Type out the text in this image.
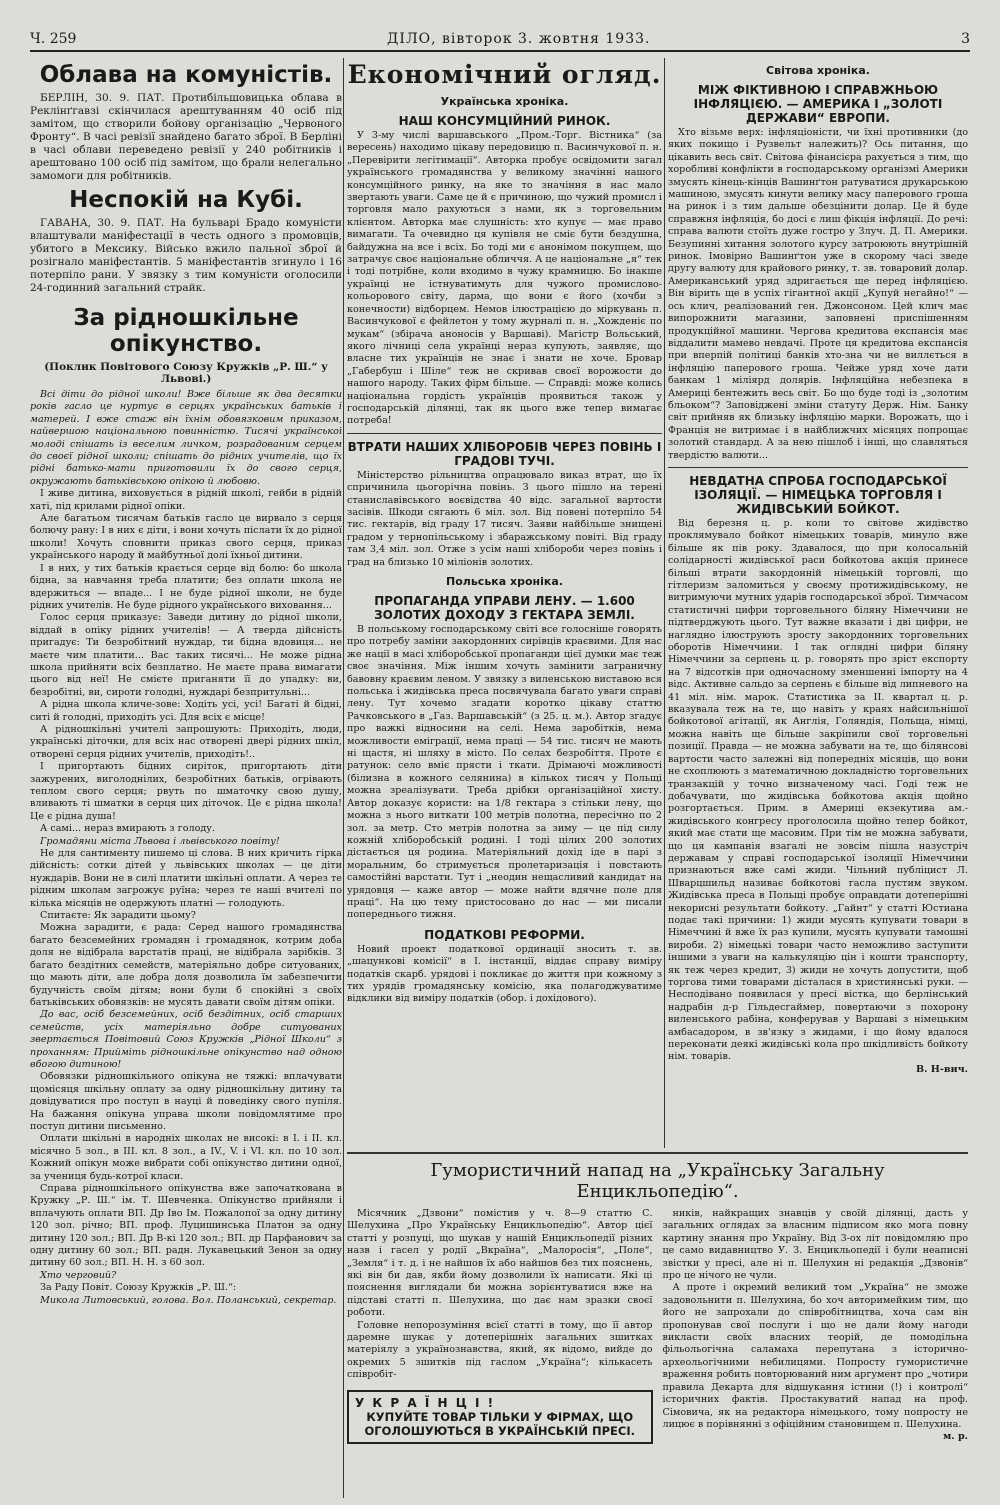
Ч. 259	ДІЛО, вівторок 3. жовтня 1933.	3
Облава на комуністів.

БЕРЛІН, 30. 9. ПАТ. Протибільшовицька облава в Реклінґгавзі скінчилася арештуванням 40 осіб під замітом, що створили бойову організацію „Червоного Фронту“. В часі ревізії знайдено багато зброї. В Берліні в часі облави переведено ревізії у 240 робітників і арештовано 100 осіб під замітом, що брали нелегально замомоги для робітників.

Неспокій на Кубі.

ГАВАНА, 30. 9. ПАТ. На бульварі Брадо комуністи влаштували маніфестації в честь одного з промовців, убитого в Мексику. Військо вжило пальної зброї й розігнало маніфестантів. 5 маніфестантів згинуло і 16 потерпіло рани. У звязку з тим комуністи оголосили 24-годинний загальний страйк.

За рідношкільне опікунство.
(Поклик Повітового Союзу Кружків „Р. Ш.“ у Львові.)

Всі діти до рідної школи! Вже більше як два десятки років гасло це нуртує в серцях українських батьків і матерей. І вже стаж він їхнім обовязковим приказом, найвершою національною повинністю. Тисячі української молоді спішать із веселим личком, розрадованим серцем до своєї рідної школи; спішать до рідних учителів, що їх рідні батько-мати приготовили їх до свого серця, окружають батьківською опікою й любовю.

І живе дитина, виховується в рідній школі, гейби в рідній хаті, під крилами рідної опіки.

Але багатьом тисячам батьків гасло це вирвало з серця болючу рану: І в них є діти, і вони хочуть післати їх до рідної школи! Хочуть сповнити приказ свого серця, приказ українського народу й майбутньої долі їхньої дитини.

І в них, у тих батьків крається серце від болю: бо школа бідна, за навчання треба платити; без оплати школа не вдержиться — впаде... І не буде рідної школи, не буде рідних учителів. Не буде рідного українського виховання...

Голос серця приказує: Заведи дитину до рідної школи, віддай в опіку рідних учителів! — А тверда дійсність пригадує: Ти безробітний нуждар, ти бідна вдовиця... не маєте чим платити... Вас таких тисячі... Не може рідна школа прийняти всіх безплатно. Не маєте права вимагати цього від неї! Не смієте приганяти її до упадку: ви, безробітні, ви, сироти голодні, нуждарі безпритульні...

А рідна школа кличе-зове: Ходіть усі, усі! Багаті й бідні, ситі й голодні, приходіть усі. Для всіх є місце!

А рідношкільні учителі запрошують: Приходіть, люди, українські діточки, для всіх нас отворені двері рідних шкіл, отворені серця рідних учителів, приходіть!..

І пригортають бідних сиріток, пригортають діти зажурених, виголоднілих, безробітних батьків, огрівають теплом свого серця; рвуть по шматочку свою душу, вливають ті шматки в серця цих діточок. Це є рідна школа! Це є рідна душа!

А самі... нераз вмирають з голоду.

Громадяни міста Львова і львівського повіту!

Не для сантименту пишемо ці слова. В них кричить гірка дійсність: сотки дітей у львівських школах — це діти нуждарів. Вони не в силі платити шкільні оплати. А через те рідним школам загрожує руїна; через те наші вчителі по кілька місяців не одержують платні — голодують.

Спитаєте: Як зарадити цьому?

Можна зарадити, є рада: Серед нашого громадянства багато безсемейних громадян і громадянок, котрим доба доля не відібрала варстатів праці, не відібрала зарібків. З багато бездітних семейств, матеріяльно добре ситуованих, що мають діти, але добра доля дозволила їм забезпечити будучність своїм дітям; вони були б спокійні з своїх батьківських обовязків: не мусять давати своїм дітям опіки.

До вас, осіб безсемейних, осіб бездітних, осіб старших семейств, усіх матеріяльно добре ситуованих звертається Повітовий Союз Кружків „Рідної Школи“ з проханням: Прийміть рідношкільне опікунство над одною вбогою дитиною!

Обовязки рідношкільного опікуна не тяжкі: вплачувати щомісяця шкільну оплату за одну рідношкільну дитину та довідуватися про поступ в науці й поведінку свого пупіля. На бажання опікуна управа школи повідомлятиме про поступ дитини письменно.

Оплати шкільні в народніх школах не високі: в I. і II. кл. місячно 5 зол., в III. кл. 8 зол., а IV., V. і VI. кл. по 10 зол. Кожний опікун може вибрати собі опікунство дитини одної, за учениця будь-котрої класи.

Справа рідношкільного опікунства вже започаткована в Кружку „Р. Ш.“ ім. Т. Шевченка. Опікунство прийняли і вплачують оплати ВП. Др Іво Ім. Пожалопої за одну дитину 120 зол. річно; ВП. проф. Луцишинська Платон за одну дитину 120 зол.; ВП. Др В-кі 120 зол.; ВП. др Парфанович за одну дитину 60 зол.; ВП. радн. Лукавецький Зенон за одну дитину 60 зол.; ВП. Н. Н. з 60 зол.

Хто черговий?

За Раду Повіт. Союзу Кружків „Р. Ш.“:

Микола Литовський, голова. Вол. Поланський, секретар.

Економічний огляд.
Українська хроніка.
НАШ КОНСУМЦІЙНИЙ РИНОК.

У 3-му числі варшавського „Пром.-Торг. Вістника“ (за вересень) находимо цікаву передовицю п. Васинчукової п. н. „Перевірити легітимації“. Авторка пробує освідомити загал українського громадянства у великому значінні нашого консумційного ринку, на яке то значіння в нас мало звертають уваги. Саме це й є причиною, що чужий промисл і торговля мало рахуються з нами, як з торговельним клієнтом. Авторка має слушність: хто купує — має право вимагати. Та очевидно ця купівля не сміє бути бездушна, байдужна на все і всіх. Бо тоді ми є анонімом покупцем, що затрачує своє національне обличчя. А це національне „я“ тек і тоді потрібне, коли входимо в чужу крамницю. Бо інакше українці не істнуватимуть для чужого промислово-кольорового світу, дарма, що вони є його (хочби з конечности) відборцем. Немов ілюстрацією до міркувань п. Васинчукової є фейлетон у тому журналі п. н. „Хожденіє по мукам“ (збірача аноносів у Варшаві). Магістр Вольський, якого лічниці села українці нераз купують, заявляє, що власне тих українців не знає і знати не хоче. Бровар „Габербуш і Шіле“ теж не скривав своєї ворожости до нашого народу. Таких фірм більше. — Справді: може колись національна гордість українців проявиться також у господарській ділянці, так як цього вже тепер вимагає потреба!

ВТРАТИ НАШИХ ХЛІБОРОБІВ ЧЕРЕЗ ПОВІНЬ І ГРАДОВІ ТУЧІ.

Міністерство рільництва опрацювало виказ втрат, що їх спричинила цьогорічна повінь. З цього пішло на терені станиславівського воєвідства 40 відс. загальної вартости засівів. Шкоди сягають 6 міл. зол. Від повені потерпіло 54 тис. гектарів, від граду 17 тисяч. Заяви найбільше знищені градом у тернопільському і збаражському повіті. Від граду там 3,4 міл. зол. Отже з усім наші хлібороби через повінь і град на близько 10 міліонів золотих.

Польська хроніка.
ПРОПАГАНДА УПРАВИ ЛЕНУ. — 1.600 ЗОЛОТИХ ДОХОДУ З ГЕКТАРА ЗЕМЛІ.

В польському господарському світі все голосніше говорять про потребу заміни закордонних сирівців краєвими. Для нас же нації в масі хліборобської пропаганди цієї думки має теж своє значіння. Між іншим хочуть замінити заграничну бавовну краєвим леном. У звязку з виленською виставою вся польська і жидівська преса посвячувала багато уваги справі лену. Тут хочемо згадати коротко цікаву статтю Рачковського в „Газ. Варшавській“ (з 25. ц. м.). Автор згадує про важкі відносини на селі. Нема заробітків, нема можливости еміграції, нема праці — 54 тис. тисяч не мають ні щастя, ні шляху в місто. По селах безробіття. Проте є ратунок: село вміє прясти і ткати. Дрімаючі можливості (білизна в кожного селянина) в кількох тисяч у Польщі можна зреалізувати. Треба дрібки організаційної хисту. Автор доказує користи: на 1/8 гектара з стільки лену, що можна з нього виткати 100 метрів полотна, пересічно по 2 зол. за метр. Сто метрів полотна за зиму — це під силу кожній хліборобській родині. І тоді цілих 200 золотих дістається ця родина. Матеріяльний дохід іде в парі з моральним, бо стримується пролетаризація і повстають самостійні варстати. Тут і „неодин нещасливий кандидат на урядовця — каже автор — може найти вдячне поле для праці“. На цю тему пристосовано до нас — ми писали попереднього тижня.

ПОДАТКОВІ РЕФОРМИ.

Новий проект податкової ординації зносить т. зв. „шацункові комісії“ в І. інстанції, віддає справу виміру податків скарб. урядові і покликає до життя при кожному з тих урядів громадянську комісію, яка полагоджуватиме відклики від виміру податків (обор. і дохідового).

Світова хроніка.
МІЖ ФІКТИВНОЮ І СПРАВЖНЬОЮ ІНФЛЯЦІЄЮ. — АМЕРИКА І „ЗОЛОТІ ДЕРЖАВИ“ ЕВРОПИ.

Хто візьме верх: інфляціоністи, чи їхні противники (до яких покищо і Рузвельт належить)? Ось питання, що цікавить весь світ. Світова фінансієра рахується з тим, що хоробливі конфлікти в господарському організмі Америки змусять кінець-кінців Вашинґтон ратуватися друкарською машиною, змусять кинути велику масу паперового гроша на ринок і з тим дальше обезцінити долар. Це й буде справжня інфляція, бо досі є лиш фікція інфляції. До речі: справа валюти стоїть дуже гостро у Злуч. Д. П. Америки. Безупинні хитання золотого курсу затроюють внутрішній ринок. Імовірно Вашинґтон уже в скорому часі зведе другу валюту для крайового ринку, т. зв. товаровий долар. Американський уряд здригається ще перед інфляцією. Він вірить ще в успіх гігантної акції „Купуй негайно!“ — ось клич, реалізований ген. Джонсоном. Цей клич має випорожнити магазини, заповнені приспішенням продукційної машини. Чергова кредитова експансія має віддалити мамево невдачі. Проте ця кредитова експансія при вперпій політиці банків хто-зна чи не виллється в інфляцію паперового гроша. Чейже уряд хоче дати банкам 1 міліярд долярів. Інфляційна небезпека в Америці бентежить весь світ. Бо що буде тоді із „золотим бльоком“? Заповіджені зміни статуту Держ. Нім. Банку світ прийняв як близьку інфляцію марки. Ворожать, що і Франція не витримає і в найближчих місяцях попрощає золотий стандард. А за нею пішлоб і інші, що славляться твердістю валюти...

НЕВДАТНА СПРОБА ГОСПОДАРСЬКОЇ ІЗОЛЯЦІЇ. — НІМЕЦЬКА ТОРГОВЛЯ І ЖИДІВСЬКИЙ БОЙКОТ.

Від березня ц. р. коли то світове жидівство проклямувало бойкот німецьких товарів, минуло вже більше як пів року. Здавалося, що при колосальній солідарності жидівської раси бойкотова акція принесе більші втрати закордонній німецькій торговлі, що гітлеризм заломиться у своєму протижидівському, не витримуючи мутних ударів господарської зброї. Тимчасом статистичні цифри торговельного біляну Німеччини не підтверджують цього. Тут важне вказати і дві цифри, не наглядно ілюструють зросту закордонних торговельних оборотів Німеччини. І так оглядні цифри біляну Німеччини за серпень ц. р. говорять про зріст експорту на 7 відсотків при одночасному зменшенні імпорту на 4 відс. Активне сальдо за серпень є більше від липневого на 41 міл. нім. марок. Статистика за ІІ. квартал ц. р. вказувала теж на те, що навіть у краях найсильнішої бойкотової агітації, як Англія, Голяндія, Польща, німці, можна навіть ще більше закріпили свої торговельні позиції. Правда — не можна забувати на те, що білянсові вартости часто залежні від попередніх місяців, що вони не схоплюють з математичною докладністю торговельних транзакцій у точно визначеному часі. Годі теж не добачувати, що жидівська бойкотова акція щойно розгортається. Прим. в Америці екзекутива ам.-жидівського конгресу проголосила щойно тепер бойкот, який має стати ще масовим. При тім не можна забувати, що ця кампанія взагалі не зовсім пішла назустріч державам у справі господарської ізоляції Німеччини признаються вже самі жиди. Чільний публіцист Л. Шварцшильд називає бойкотові гасла пустим звуком. Жидівська преса в Польщі пробує оправдати дотеперішні некорисні результати бойкоту. „Гайнт“ у статті Юстиана подає такі причини: 1) жиди мусять купувати товари в Німеччині й вже їх раз купили, мусять купувати тамошні вироби. 2) німецькі товари часто неможливо заступити іншими з уваги на калькуляцію цін і кошти транспорту, як теж через кредит, 3) жиди не хочуть допустити, щоб торгова тими товарами дісталася в християнські руки. — Несподівано появилася у пресі вістка, що берлінський надрабін д-р Гільдеcгаймер, повертаючи з похорону виленського рабіна, конферував у Варшаві з німецьким амбасадором, в зв'язку з жидами, і що йому вдалося переконати деякі жидівські кола про шкідливість бойкоту нім. товарів.

В. Н-вич.

Гумористичний напад на „Українську Загальну Енцикльопедію“.

Місячник „Дзвони“ помістив у ч. 8—9 статтю С. Шелухина „Про Українську Енцикльопедію“. Автор цієї статті у розпуці, що шукав у нашій Енцикльопедії різних назв і гасел у родії „Вкраїна“, „Малоросія“, „Поле“, „Земля“ і т. д. і не найшов їх або найшов без тих пояснень, які він би дав, якби йому дозволили їх написати. Які ці пояснення виглядали би можна зорієнтуватися вже на підставі статті п. Шелухина, що дає нам зразки своєї роботи.

Головне непорозуміння всієї статті в тому, що її автор даремне шукає у дотеперішніх загальних зшитках матеріялу з українознавства, який, як відомо, вийде до окремих 5 зшитків під гаслом „Україна“; кількасеть співробіт-

У К Р А Ї Н Ц І !
КУПУЙТЕ ТОВАР ТІЛЬКИ У ФІРМАХ, ЩО ОГОЛОШУЮТЬСЯ В УКРАЇНСЬКІЙ ПРЕСІ.

ників, найкращих знавців у своїй ділянці, дасть у загальних оглядах за власним підписом яко мога повну картину знання про Україну. Від 3-ох літ повідомляю про це само видавництво У. З. Енцикльопедії і були неаписні звістки у пресі, але ні п. Шелухин ні редакція „Дзвонів“ про це нічого не чули.

А проте і окремий великий том „Україна“ не зможе задовольнити п. Шелухина, бо хоч авторимейким тим, що його не запрохали до співробітництва, хоча сам він пропонував свої послуги і що не дали йому нагоди викласти своїх власних теорій, де помодільна фільольогічна саламаха перепутана з історично-археольогічними небилицями. Попросту гумористичне враження робить повторюваний ним аргумент про „чотири правила Декарта для відшукання істини (!) і контролі“ історичних фактів. Простакуватий напад на проф. Сімовича, як на редактора німецького, тому попросту не лицює в порівнянні з офіційним становищем п. Шелухина.

м. р.
